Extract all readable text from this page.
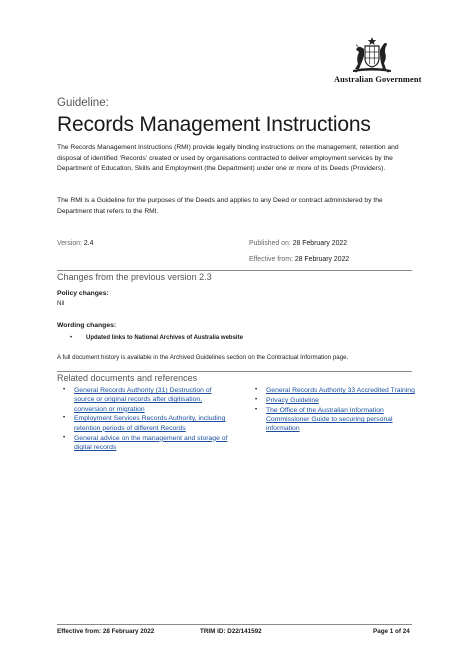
Australian Government
Guideline:
Records Management Instructions
The Records Management Instructions (RMI) provide legally binding instructions on the management, retention and disposal of identified ‘Records’ created or used by organisations contracted to deliver employment services by the Department of Education, Skills and Employment (the Department) under one or more of its Deeds (Providers).
The RMI is a Guideline for the purposes of the Deeds and applies to any Deed or contract administered by the Department that refers to the RMI.
Version: 2.4	Published on: 28 February 2022
Effective from: 28 February 2022
Changes from the previous version 2.3
Policy changes:
Nil
Wording changes:
• Updated links to National Archives of Australia website
A full document history is available in the Archived Guidelines section on the Contractual Information page.
Related documents and references
• General Records Authority (31) Destruction of source or original records after digitisation, conversion or migration
• Employment Services Records Authority, including retention periods of different Records
• General advice on the management and storage of digital records
• General Records Authority 33 Accredited Training
• Privacy Guideline
• The Office of the Australian Information Commissioner Guide to securing personal information
Effective from: 28 February 2022	TRIM ID: D22/141592	Page 1 of 24
